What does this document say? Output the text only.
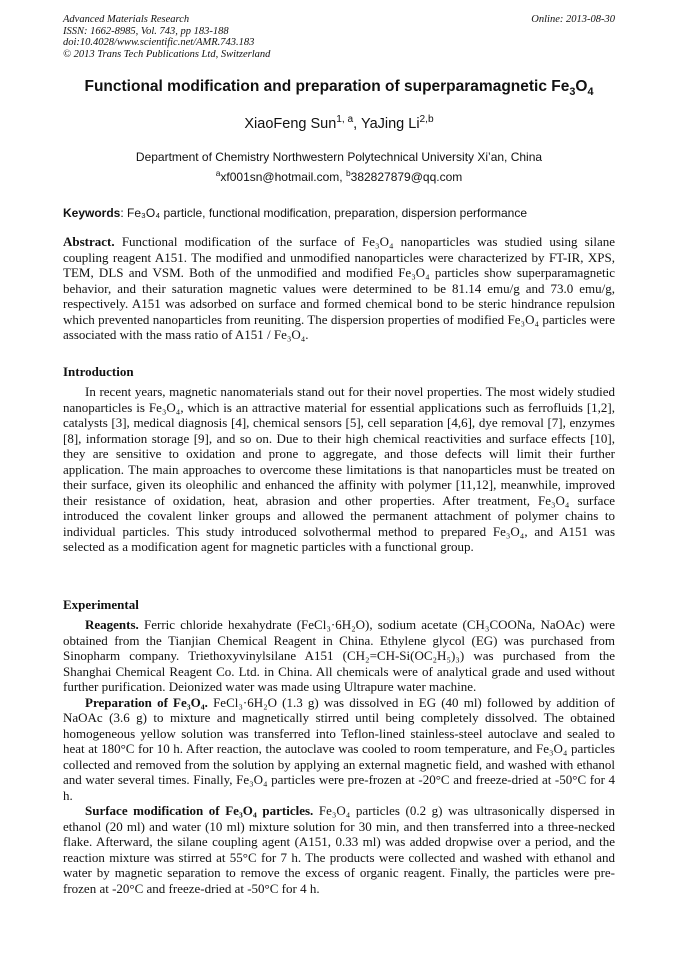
Advanced Materials Research
ISSN: 1662-8985, Vol. 743, pp 183-188
doi:10.4028/www.scientific.net/AMR.743.183
© 2013 Trans Tech Publications Ltd, Switzerland
Online: 2013-08-30
Functional modification and preparation of superparamagnetic $Fe_3O_4$
XiaoFeng Sun$^{1, a}$, YaJing Li$^{2,b}$
Department of Chemistry Northwestern Polytechnical University Xi’an, China
$^a$xf001sn@hotmail.com, $^b$382827879@qq.com
Keywords: Fe₃O₄ particle, functional modification, preparation, dispersion performance

Abstract. Functional modification of the surface of Fe₃O₄ nanoparticles was studied using silane coupling reagent A151. The modified and unmodified nanoparticles were characterized by FT-IR, XPS, TEM, DLS and VSM. Both of the unmodified and modified Fe₃O₄ particles show superparamagnetic behavior, and their saturation magnetic values were determined to be 81.14 emu/g and 73.0 emu/g, respectively. A151 was adsorbed on surface and formed chemical bond to be steric hindrance repulsion which prevented nanoparticles from reuniting. The dispersion properties of modified Fe₃O₄ particles were associated with the mass ratio of A151 / Fe₃O₄.

Introduction

In recent years, magnetic nanomaterials stand out for their novel properties. The most widely studied nanoparticles is Fe₃O₄, which is an attractive material for essential applications such as ferrofluids [1,2], catalysts [3], medical diagnosis [4], chemical sensors [5], cell separation [4,6], dye removal [7], enzymes [8], information storage [9], and so on. Due to their high chemical reactivities and surface effects [10], they are sensitive to oxidation and prone to aggregate, and those defects will limit their further application. The main approaches to overcome these limitations is that nanoparticles must be treated on their surface, given its oleophilic and enhanced the affinity with polymer [11,12], meanwhile, improved their resistance of oxidation, heat, abrasion and other properties. After treatment, Fe₃O₄ surface introduced the covalent linker groups and allowed the permanent attachment of polymer chains to individual particles. This study introduced solvothermal method to prepared Fe₃O₄, and A151 was selected as a modification agent for magnetic particles with a functional group.

Experimental

Reagents. Ferric chloride hexahydrate (FeCl₃·6H₂O), sodium acetate (CH₃COONa, NaOAc) were obtained from the Tianjian Chemical Reagent in China. Ethylene glycol (EG) was purchased from Sinopharm company. Triethoxyvinylsilane A151 (CH₂=CH-Si(OC₂H₅)₃) was purchased from the Shanghai Chemical Reagent Co. Ltd. in China. All chemicals were of analytical grade and used without further purification. Deionized water was made using Ultrapure water machine.

Preparation of Fe₃O₄. FeCl₃·6H₂O (1.3 g) was dissolved in EG (40 ml) followed by addition of NaOAc (3.6 g) to mixture and magnetically stirred until being completely dissolved. The obtained homogeneous yellow solution was transferred into Teflon-lined stainless-steel autoclave and sealed to heat at 180°C for 10 h. After reaction, the autoclave was cooled to room temperature, and Fe₃O₄ particles collected and removed from the solution by applying an external magnetic field, and washed with ethanol and water several times. Finally, Fe₃O₄ particles were pre-frozen at -20°C and freeze-dried at -50°C for 4 h.

Surface modification of Fe₃O₄ particles. Fe₃O₄ particles (0.2 g) was ultrasonically dispersed in ethanol (20 ml) and water (10 ml) mixture solution for 30 min, and then transferred into a three-necked flake. Afterward, the silane coupling agent (A151, 0.33 ml) was added dropwise over a period, and the reaction mixture was stirred at 55°C for 7 h. The products were collected and washed with ethanol and water by magnetic separation to remove the excess of organic reagent. Finally, the particles were pre-frozen at -20°C and freeze-dried at -50°C for 4 h.
